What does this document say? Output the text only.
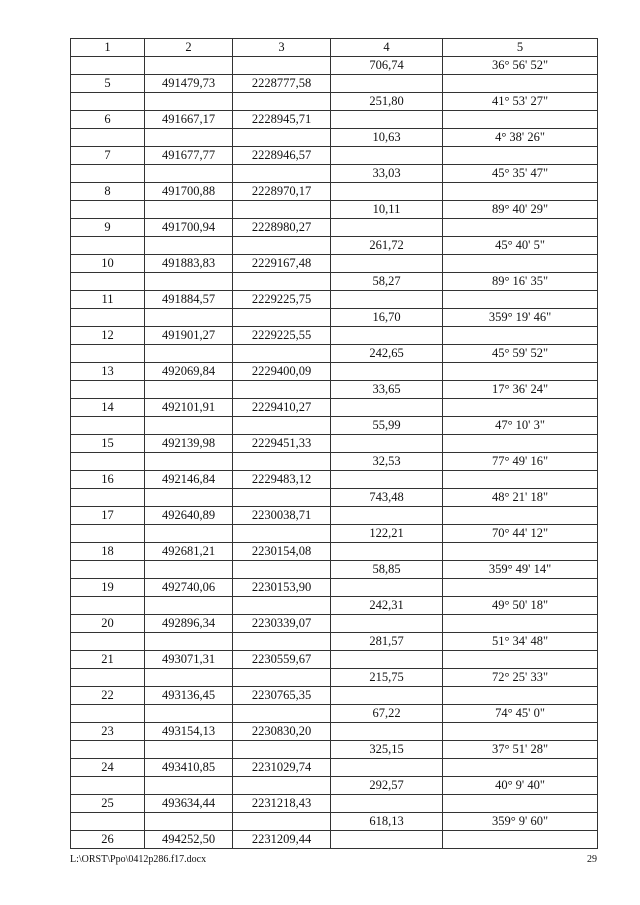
1	2	3	4	5
			706,74	36° 56' 52"
5	491479,73	2228777,58		
			251,80	41° 53' 27"
6	491667,17	2228945,71		
			10,63	4° 38' 26"
7	491677,77	2228946,57		
			33,03	45° 35' 47"
8	491700,88	2228970,17		
			10,11	89° 40' 29"
9	491700,94	2228980,27		
			261,72	45° 40' 5"
10	491883,83	2229167,48		
			58,27	89° 16' 35"
11	491884,57	2229225,75		
			16,70	359° 19' 46"
12	491901,27	2229225,55		
			242,65	45° 59' 52"
13	492069,84	2229400,09		
			33,65	17° 36' 24"
14	492101,91	2229410,27		
			55,99	47° 10' 3"
15	492139,98	2229451,33		
			32,53	77° 49' 16"
16	492146,84	2229483,12		
			743,48	48° 21' 18"
17	492640,89	2230038,71		
			122,21	70° 44' 12"
18	492681,21	2230154,08		
			58,85	359° 49' 14"
19	492740,06	2230153,90		
			242,31	49° 50' 18"
20	492896,34	2230339,07		
			281,57	51° 34' 48"
21	493071,31	2230559,67		
			215,75	72° 25' 33"
22	493136,45	2230765,35		
			67,22	74° 45' 0"
23	493154,13	2230830,20		
			325,15	37° 51' 28"
24	493410,85	2231029,74		
			292,57	40° 9' 40"
25	493634,44	2231218,43		
			618,13	359° 9' 60"
26	494252,50	2231209,44		
L:\ORST\Ppo\0412p286.f17.docx	29
